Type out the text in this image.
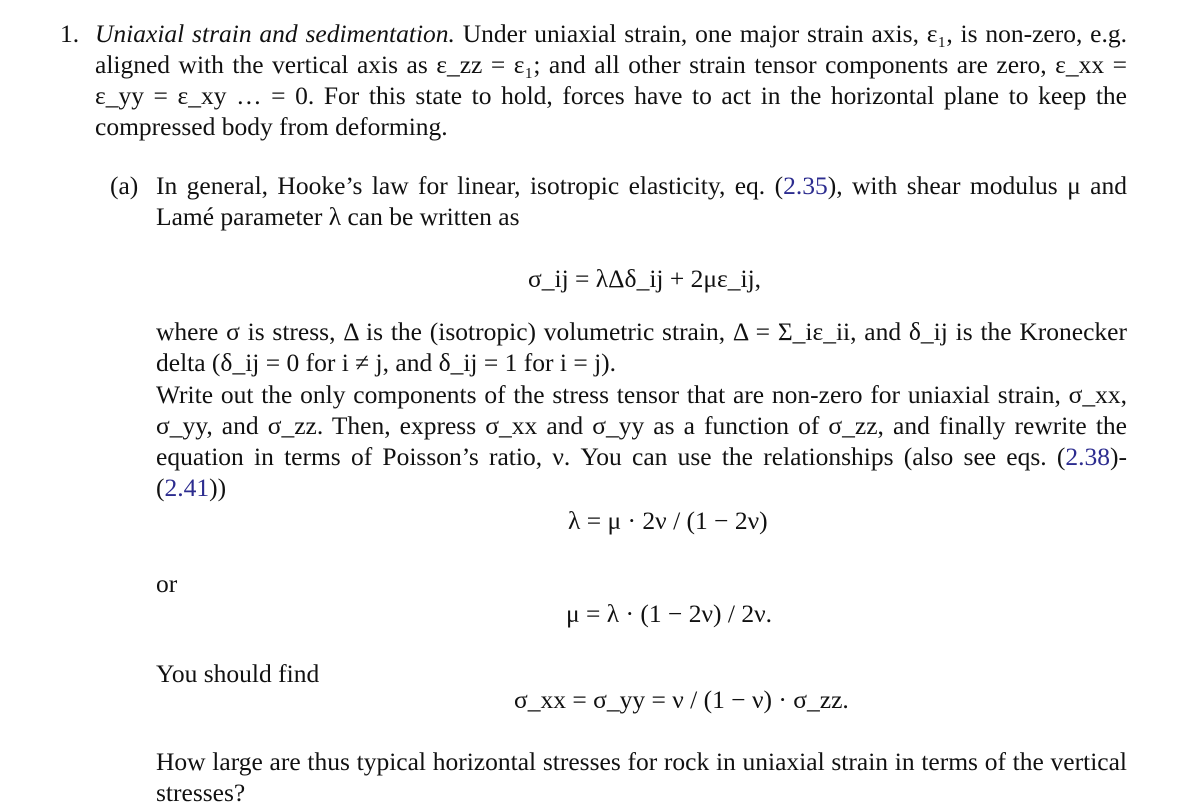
1. Uniaxial strain and sedimentation. Under uniaxial strain, one major strain axis, ε₁, is non-zero, e.g. aligned with the vertical axis as ε_zz = ε₁; and all other strain tensor components are zero, ε_xx = ε_yy = ε_xy … = 0. For this state to hold, forces have to act in the horizontal plane to keep the compressed body from deforming.

(a) In general, Hooke’s law for linear, isotropic elasticity, eq. (2.35), with shear modulus μ and Lamé parameter λ can be written as

σ_ij = λΔδ_ij + 2με_ij,

where σ is stress, Δ is the (isotropic) volumetric strain, Δ = Σ_iε_ii, and δ_ij is the Kronecker delta (δ_ij = 0 for i ≠ j, and δ_ij = 1 for i = j).

Write out the only components of the stress tensor that are non-zero for uniaxial strain, σ_xx, σ_yy, and σ_zz. Then, express σ_xx and σ_yy as a function of σ_zz, and finally rewrite the equation in terms of Poisson’s ratio, ν. You can use the relationships (also see eqs. (2.38)-(2.41))

λ = μ · 2ν / (1 − 2ν)
or
μ = λ · (1 − 2ν) / 2ν.
You should find
σ_xx = σ_yy = ν / (1 − ν) · σ_zz.

How large are thus typical horizontal stresses for rock in uniaxial strain in terms of the vertical stresses?
